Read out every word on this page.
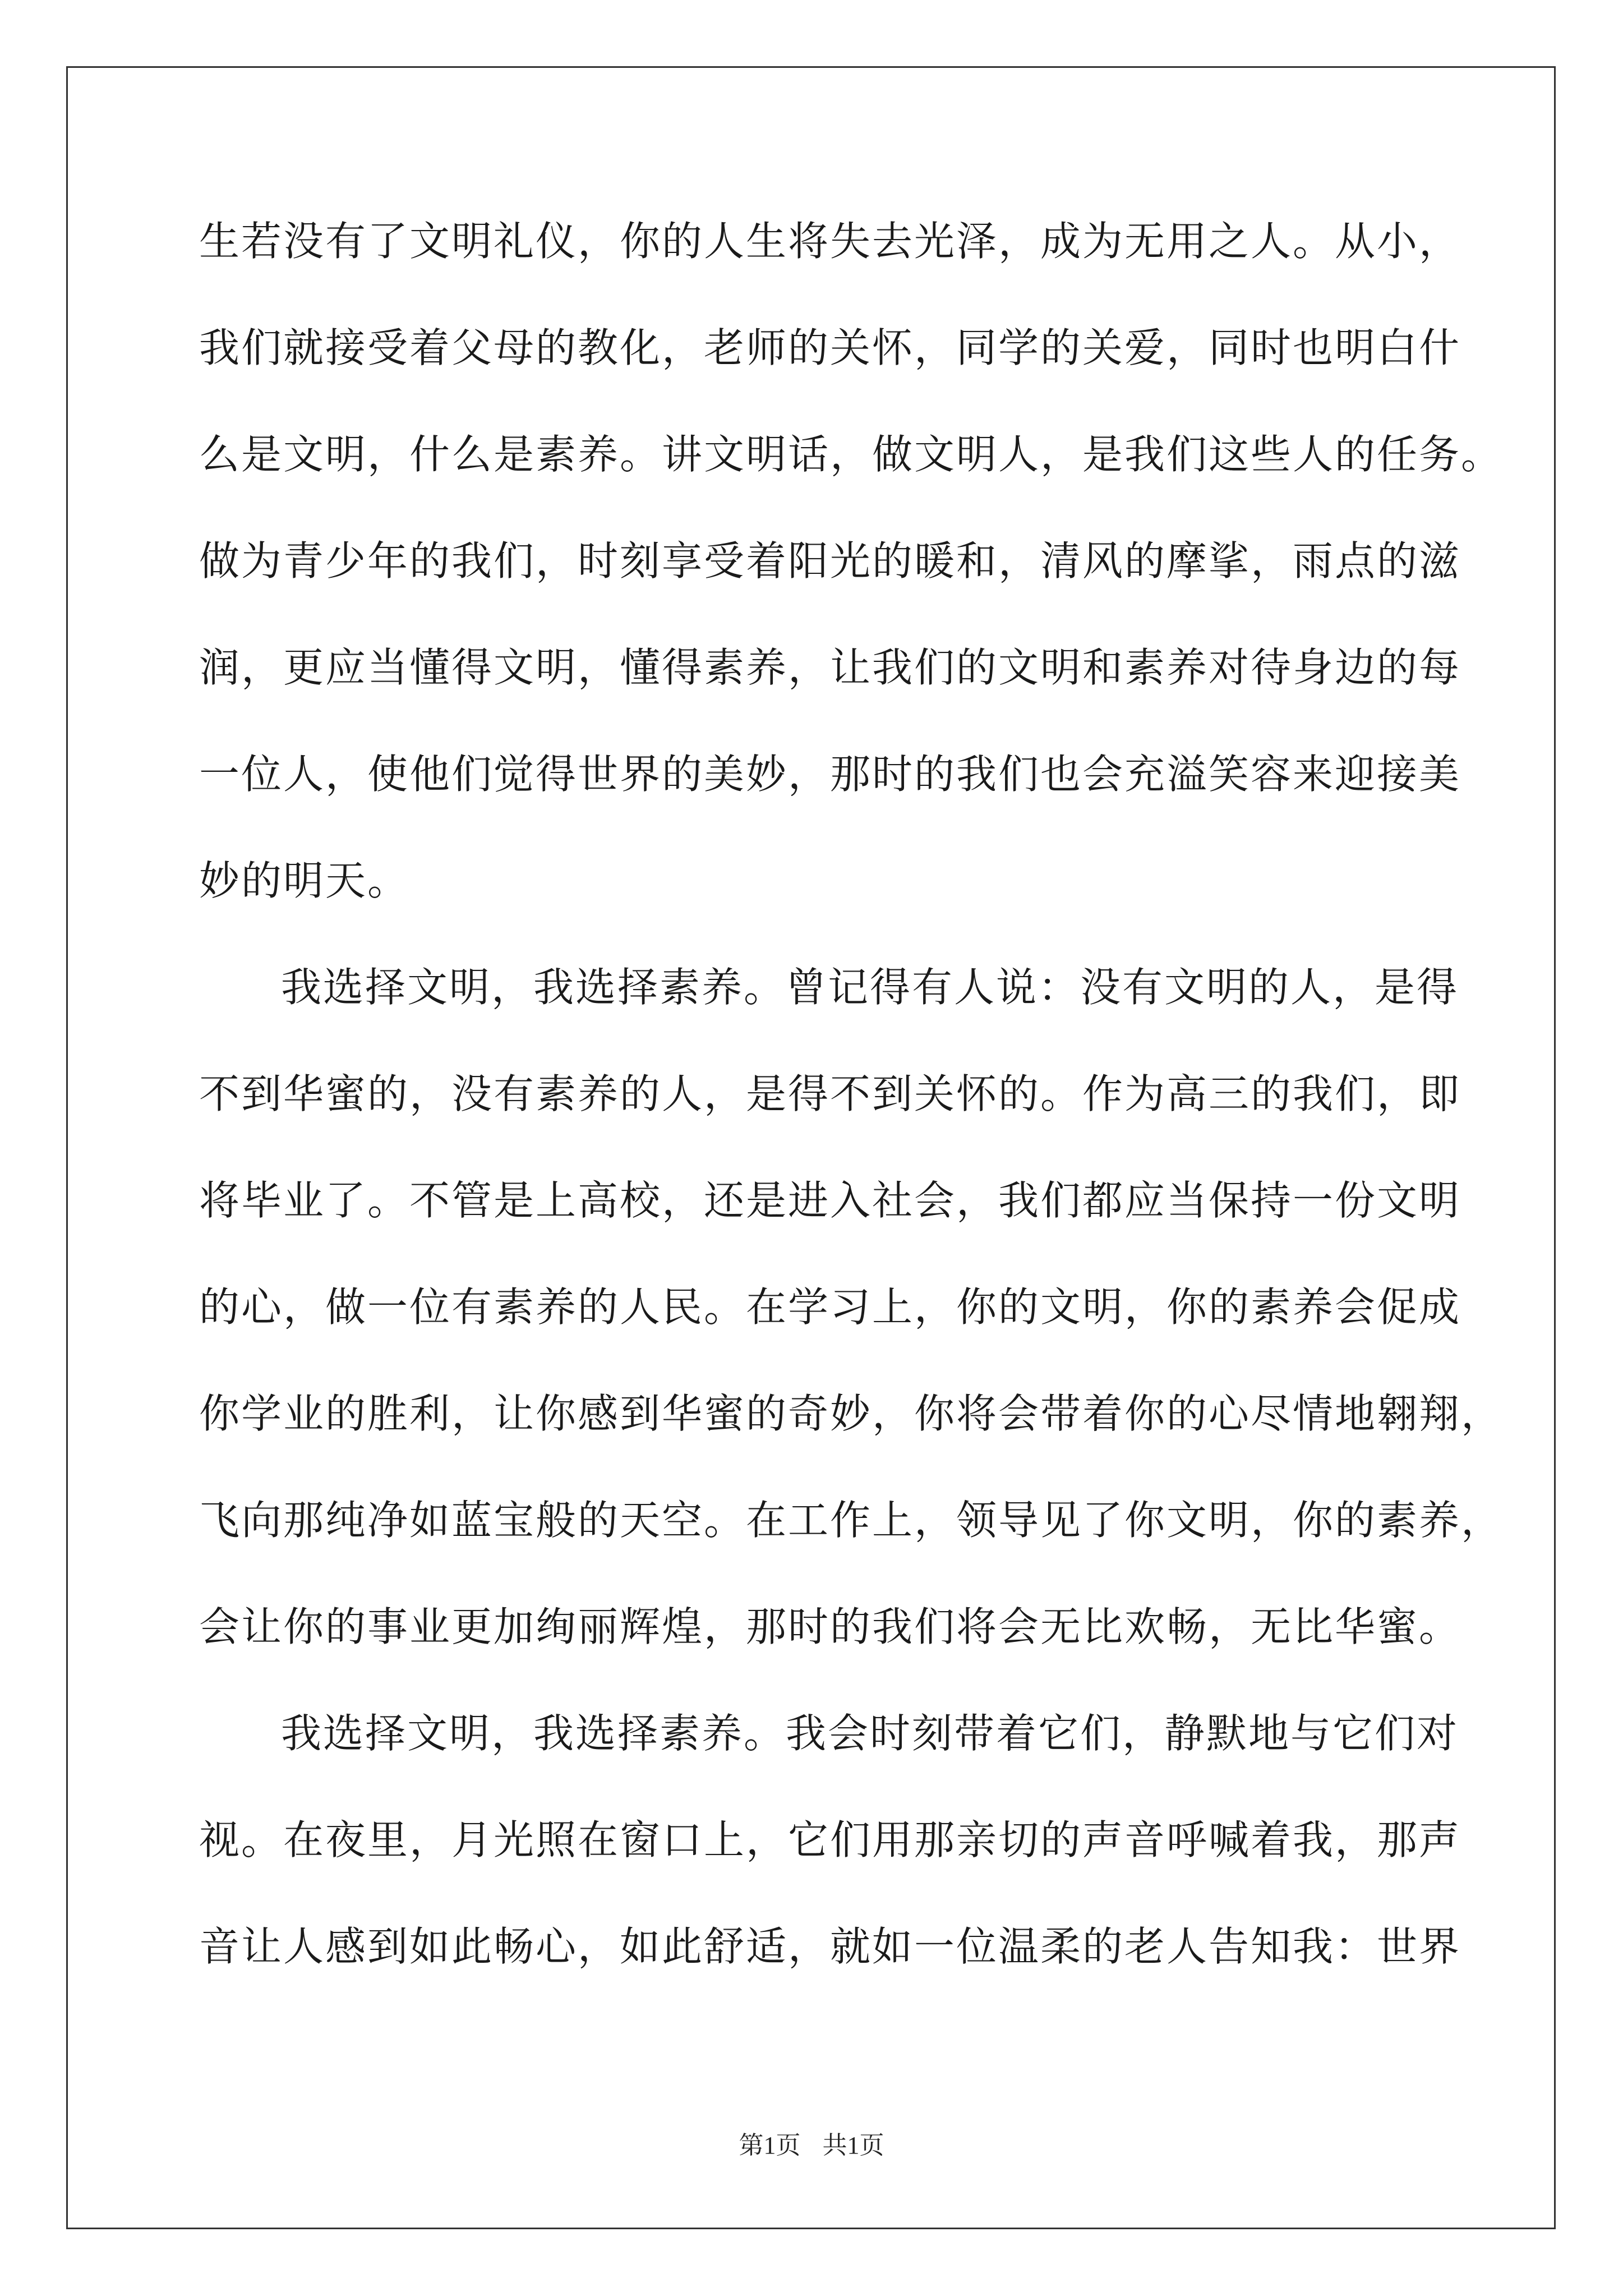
生若没有了文明礼仪，你的人生将失去光泽，成为无用之人。从小，
我们就接受着父母的教化，老师的关怀，同学的关爱，同时也明白什
么是文明，什么是素养。讲文明话，做文明人，是我们这些人的任务。
做为青少年的我们，时刻享受着阳光的暖和，清风的摩挲，雨点的滋
润，更应当懂得文明，懂得素养，让我们的文明和素养对待身边的每
一位人，使他们觉得世界的美妙，那时的我们也会充溢笑容来迎接美
妙的明天。
我选择文明，我选择素养。曾记得有人说：没有文明的人，是得
不到华蜜的，没有素养的人，是得不到关怀的。作为高三的我们，即
将毕业了。不管是上高校，还是进入社会，我们都应当保持一份文明
的心，做一位有素养的人民。在学习上，你的文明，你的素养会促成
你学业的胜利，让你感到华蜜的奇妙，你将会带着你的心尽情地翱翔，
飞向那纯净如蓝宝般的天空。在工作上，领导见了你文明，你的素养，
会让你的事业更加绚丽辉煌，那时的我们将会无比欢畅，无比华蜜。
我选择文明，我选择素养。我会时刻带着它们，静默地与它们对
视。在夜里，月光照在窗口上，它们用那亲切的声音呼喊着我，那声
音让人感到如此畅心，如此舒适，就如一位温柔的老人告知我：世界
第1页 共1页
